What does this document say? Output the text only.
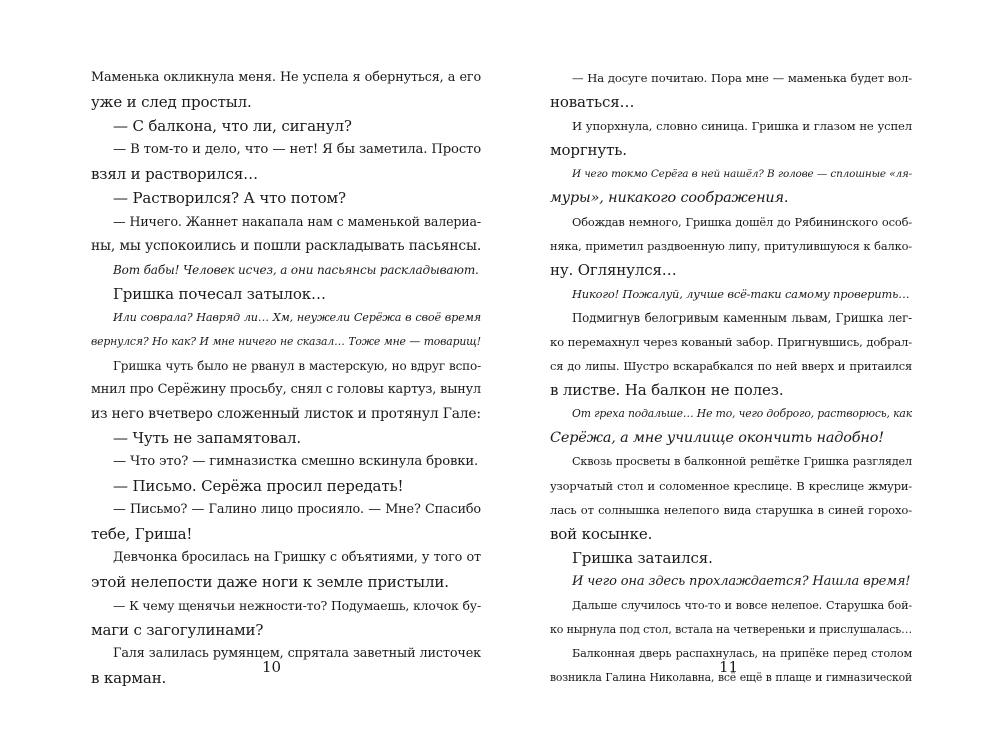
Маменька окликнула меня. Не успела я обернуться, а его
уже и след простыл.
— С балкона, что ли, сиганул?
— В том-то и дело, что — нет! Я бы заметила. Просто
взял и растворился…
— Растворился? А что потом?
— Ничего. Жаннет накапала нам с маменькой валериа-
ны, мы успокоились и пошли раскладывать пасьянсы.
Вот бабы! Человек исчез, а они пасьянсы раскладывают.
Гришка почесал затылок…
Или соврала? Навряд ли… Хм, неужели Серёжа в своё время
вернулся? Но как? И мне ничего не сказал… Тоже мне — товарищ!
Гришка чуть было не рванул в мастерскую, но вдруг вспо-
мнил про Серёжину просьбу, снял с головы картуз, вынул
из него вчетверо сложенный листок и протянул Гале:
— Чуть не запамятовал.
— Что это? — гимназистка смешно вскинула бровки.
— Письмо. Серёжа просил передать!
— Письмо? — Галино лицо просияло. — Мне? Спасибо
тебе, Гриша!
Девчонка бросилась на Гришку с объятиями, у того от
этой нелепости даже ноги к земле пристыли.
— К чему щенячьи нежности-то? Подумаешь, клочок бу-
маги с загогулинами?
Галя залилась румянцем, спрятала заветный листочек
в карман.
— На досуге почитаю. Пора мне — маменька будет вол-
новаться…
И упорхнула, словно синица. Гришка и глазом не успел
моргнуть.
И чего токмо Серёга в ней нашёл? В голове — сплошные «ля-
муры», никакого соображения.
Обождав немного, Гришка дошёл до Рябининского особ-
няка, приметил раздвоенную липу, притулившуюся к балко-
ну. Оглянулся…
Никого! Пожалуй, лучше всё-таки самому проверить…
Подмигнув белогривым каменным львам, Гришка лег-
ко перемахнул через кованый забор. Пригнувшись, добрал-
ся до липы. Шустро вскарабкался по ней вверх и притаился
в листве. На балкон не полез.
От греха подальше… Не то, чего доброго, растворюсь, как
Серёжа, а мне училище окончить надобно!
Сквозь просветы в балконной решётке Гришка разглядел
узорчатый стол и соломенное креслице. В креслице жмури-
лась от солнышка нелепого вида старушка в синей горохо-
вой косынке.
Гришка затаился.
И чего она здесь прохлаждается? Нашла время!
Дальше случилось что-то и вовсе нелепое. Старушка бой-
ко нырнула под стол, встала на четвереньки и прислушалась…
Балконная дверь распахнулась, на припёке перед столом
возникла Галина Николавна, всё ещё в плаще и гимназической
10	11
